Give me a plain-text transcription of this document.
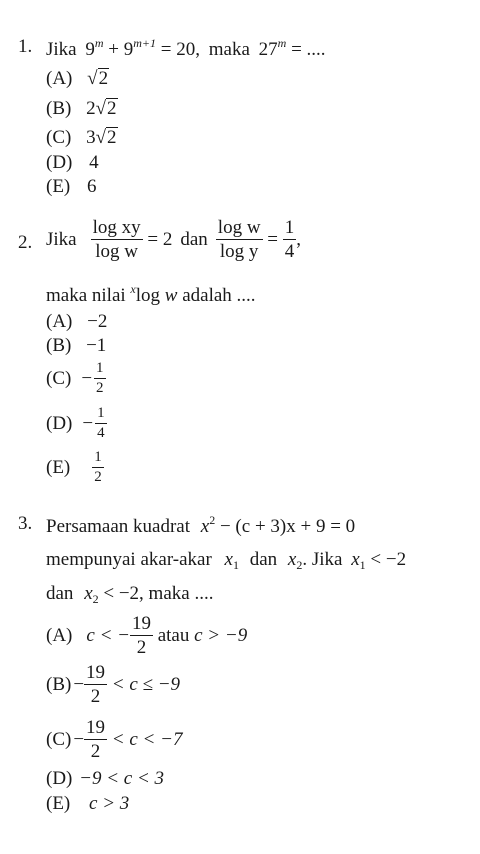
1. Jika $9^m + 9^{m+1} = 20$, maka $27^m$ = ....
(A) √2
(B) 2√2
(C) 3√2
(D) 4
(E) 6
2. Jika $\frac{\text{log xy}}{\text{log w}} = 2$ dan $\frac{\text{log w}}{\text{log y}} = \frac{1}{4}$ ,
maka nilai $^x$log w adalah ....
(A) −2
(B) −1
$(C) - \frac{1}{2}$
$(D) - \frac{1}{4}$
$(E) \frac{1}{2}$
3. Persamaan kuadrat $x^2 - (c + 3)x + 9 = 0$
mempunyai akar-akar $x_1$ dan $x_2$. Jika $x_1 < -2$
dan $x_2 < -2$, maka ....
(A) c < − $\frac{19}{2}$ atau c > −9
$(B) - \frac{19}{2} < c \le -9$
$(C) - \frac{19}{2} < c < -7$
(D) −9 < c < 3
(E) c > 3
